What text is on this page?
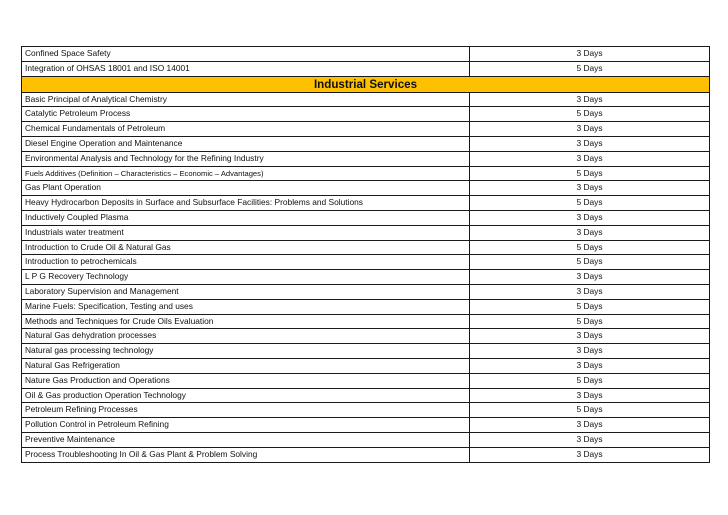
Confined Space Safety	3 Days
Integration of OHSAS 18001 and ISO 14001	5 Days
Industrial Services	
Basic Principal of Analytical Chemistry	3 Days
Catalytic Petroleum Process	5 Days
Chemical Fundamentals of Petroleum	3 Days
Diesel Engine Operation and Maintenance	3 Days
Environmental Analysis and Technology for the Refining Industry	3 Days
Fuels Additives (Definition – Characteristics – Economic – Advantages)	5 Days
Gas Plant Operation	3 Days
Heavy Hydrocarbon Deposits in Surface and Subsurface Facilities: Problems and Solutions	5 Days
Inductively Coupled Plasma	3 Days
Industrials water treatment	3 Days
Introduction to Crude Oil & Natural Gas	5 Days
Introduction to petrochemicals	5 Days
L P G Recovery Technology	3 Days
Laboratory Supervision and Management	3 Days
Marine Fuels: Specification, Testing and uses	5 Days
Methods and Techniques for Crude Oils Evaluation	5 Days
Natural Gas dehydration processes	3 Days
Natural gas processing technology	3 Days
Natural Gas Refrigeration	3 Days
Nature Gas Production and Operations	5 Days
Oil & Gas production Operation Technology	3 Days
Petroleum Refining Processes	5 Days
Pollution Control in Petroleum Refining	3 Days
Preventive Maintenance	3 Days
Process Troubleshooting In Oil & Gas Plant & Problem Solving	3 Days
